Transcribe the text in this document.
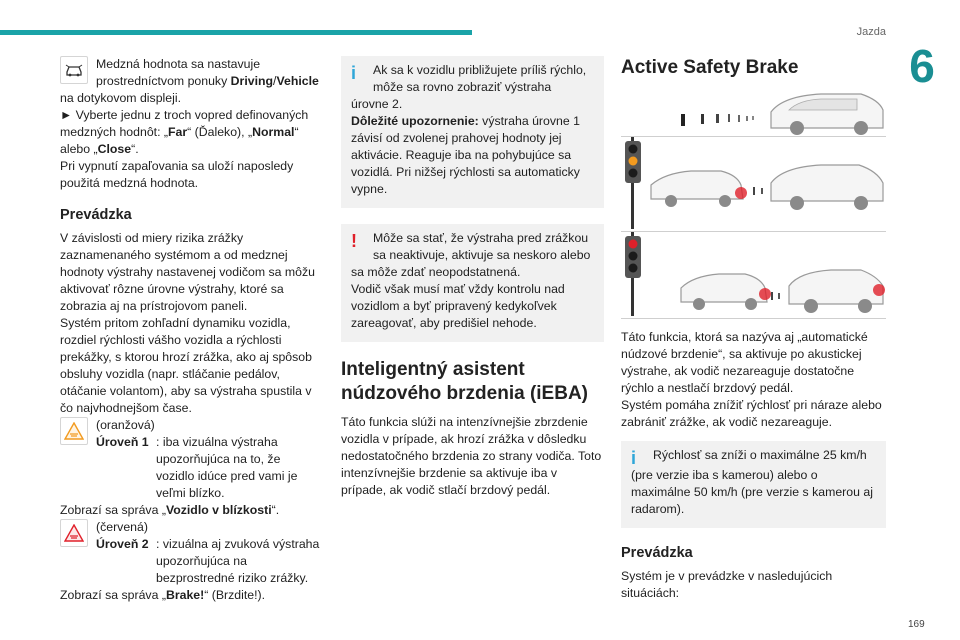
Jazda
6
169

Medzná hodnota sa nastavuje

prostredníctvom ponuky Driving/Vehicle

na dotykovom displeji.

► Vyberte jednu z troch vopred definovaných medzných hodnôt: „Far“ (Ďaleko), „Normal“

alebo „Close“.

Pri vypnutí zapaľovania sa uloží naposledy použitá medzná hodnota.

Prevádzka

V závislosti od miery rizika zrážky zaznamenaného systémom a od medznej hodnoty výstrahy nastavenej vodičom sa môžu aktivovať rôzne úrovne výstrahy, ktoré sa zobrazia aj na prístrojovom paneli.

Systém pritom zohľadní dynamiku vozidla, rozdiel rýchlosti vášho vozidla a rýchlosti prekážky, s ktorou hrozí zrážka, ako aj spôsob obsluhy vozidla (napr. stláčanie pedálov, otáčanie volantom), aby sa výstraha spustila v čo najvhodnejšom čase.

(oranžová)

Úroveň 1 : iba vizuálna výstraha upozorňujúca na to, že vozidlo idúce pred vami je veľmi blízko.

Zobrazí sa správa „Vozidlo v blízkosti“.

(červená)

Úroveň 2 : vizuálna aj zvuková výstraha upozorňujúca na bezprostredné riziko zrážky.

Zobrazí sa správa „Brake!“ (Brzdite!).

i	Ak sa k vozidlu približujete príliš rýchlo, môže sa rovno zobraziť výstraha

úrovne 2.

Dôležité upozornenie: výstraha úrovne 1 závisí od zvolenej prahovej hodnoty jej aktivácie. Reaguje iba na pohybujúce sa vozidlá. Pri nižšej rýchlosti sa automaticky vypne.

!	Môže sa stať, že výstraha pred zrážkou sa neaktivuje, aktivuje sa neskoro alebo

sa môže zdať neopodstatnená.

Vodič však musí mať vždy kontrolu nad vozidlom a byť pripravený kedykoľvek zareagovať, aby predišiel nehode.

Inteligentný asistent núdzového brzdenia (iEBA)

Táto funkcia slúži na intenzívnejšie zbrzdenie vozidla v prípade, ak hrozí zrážka v dôsledku nedostatočného brzdenia zo strany vodiča. Toto intenzívnejšie brzdenie sa aktivuje iba v prípade, ak vodič stlačí brzdový pedál.

Active Safety Brake

Táto funkcia, ktorá sa nazýva aj „automatické núdzové brzdenie“, sa aktivuje po akustickej výstrahe, ak vodič nezareaguje dostatočne rýchlo a nestlačí brzdový pedál.

Systém pomáha znížiť rýchlosť pri náraze alebo zabrániť zrážke, ak vodič nezareaguje.

i	Rýchlosť sa zníži o maximálne 25 km/h

(pre verzie iba s kamerou) alebo o maximálne 50 km/h (pre verzie s kamerou aj radarom).

Prevádzka

Systém je v prevádzke v nasledujúcich situáciách:
